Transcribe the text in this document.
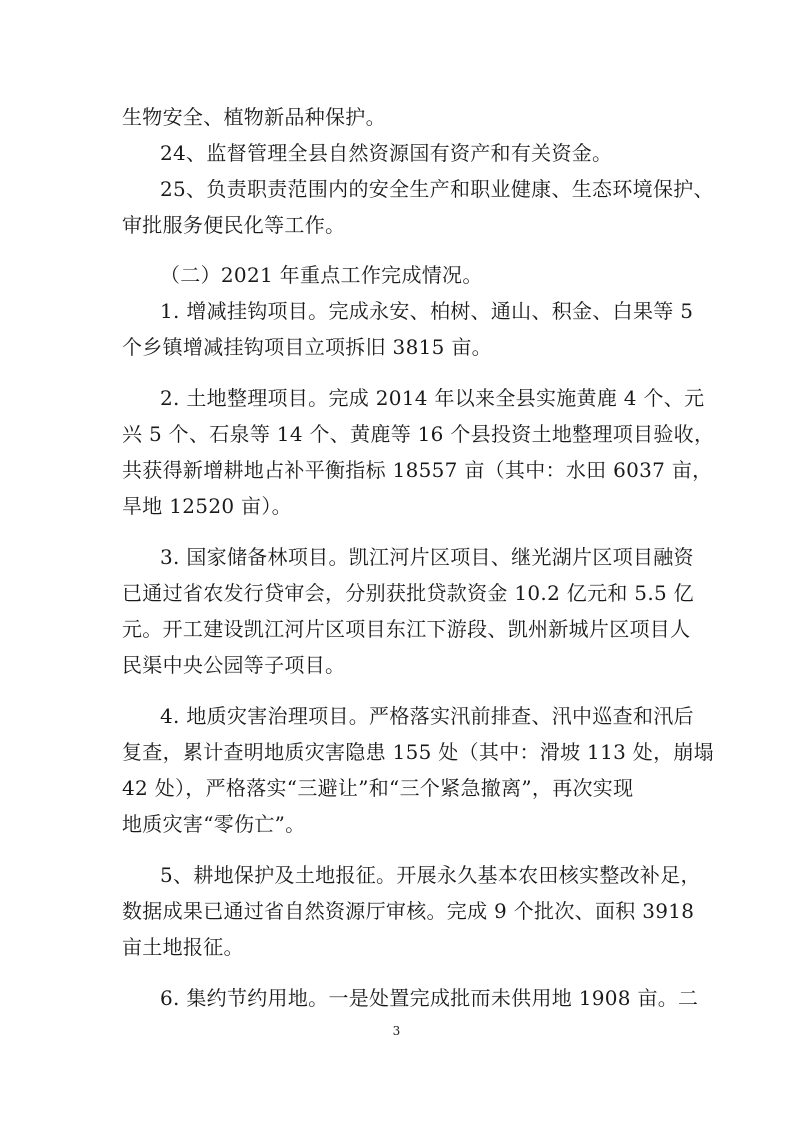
生物安全、植物新品种保护。
24、监督管理全县自然资源国有资产和有关资金。
25、负责职责范围内的安全生产和职业健康、生态环境保护、
审批服务便民化等工作。
（二）2021 年重点工作完成情况。
1. 增减挂钩项目。完成永安、柏树、通山、积金、白果等 5
个乡镇增减挂钩项目立项拆旧 3815 亩。
2. 土地整理项目。完成 2014 年以来全县实施黄鹿 4 个、元
兴 5 个、石泉等 14 个、黄鹿等 16 个县投资土地整理项目验收，
共获得新增耕地占补平衡指标 18557 亩（其中：水田 6037 亩，
旱地 12520 亩）。
3. 国家储备林项目。凯江河片区项目、继光湖片区项目融资
已通过省农发行贷审会，分别获批贷款资金 10.2 亿元和 5.5 亿
元。开工建设凯江河片区项目东江下游段、凯州新城片区项目人
民渠中央公园等子项目。
4. 地质灾害治理项目。严格落实汛前排查、汛中巡查和汛后
复查，累计查明地质灾害隐患 155 处（其中：滑坡 113 处，崩塌
42 处），严格落实“三避让”和“三个紧急撤离”，再次实现
地质灾害“零伤亡”。
5、耕地保护及土地报征。开展永久基本农田核实整改补足，
数据成果已通过省自然资源厅审核。完成 9 个批次、面积 3918
亩土地报征。
6. 集约节约用地。一是处置完成批而未供用地 1908 亩。二
3
